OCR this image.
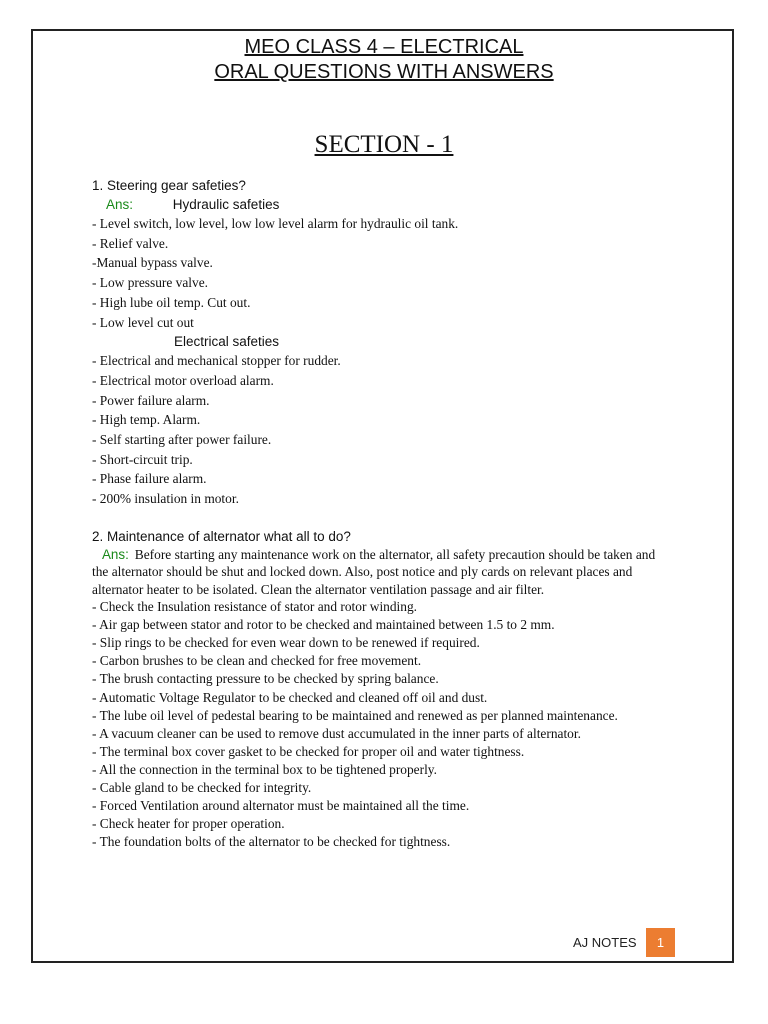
MEO CLASS 4 – ELECTRICAL

ORAL QUESTIONS WITH ANSWERS

SECTION - 1

1. Steering gear safeties?

Ans:	Hydraulic safeties

- Level switch, low level, low low level alarm for hydraulic oil tank.

- Relief valve.

-Manual bypass valve.

- Low pressure valve.

- High lube oil temp. Cut out.

- Low level cut out

Electrical safeties

- Electrical and mechanical stopper for rudder.

- Electrical motor overload alarm.

- Power failure alarm.

- High temp. Alarm.

- Self starting after power failure.

- Short-circuit trip.

- Phase failure alarm.

- 200% insulation in motor.

2. Maintenance of alternator what all to do?

Ans: Before starting any maintenance work on the alternator, all safety precaution should be taken and the alternator should be shut and locked down. Also, post notice and ply cards on relevant places and alternator heater to be isolated. Clean the alternator ventilation passage and air filter.

- Check the Insulation resistance of stator and rotor winding.

- Air gap between stator and rotor to be checked and maintained between 1.5 to 2 mm.

- Slip rings to be checked for even wear down to be renewed if required.

- Carbon brushes to be clean and checked for free movement.

- The brush contacting pressure to be checked by spring balance.

- Automatic Voltage Regulator to be checked and cleaned off oil and dust.

- The lube oil level of pedestal bearing to be maintained and renewed as per planned maintenance.

- A vacuum cleaner can be used to remove dust accumulated in the inner parts of alternator.

- The terminal box cover gasket to be checked for proper oil and water tightness.

- All the connection in the terminal box to be tightened properly.

- Cable gland to be checked for integrity.

- Forced Ventilation around alternator must be maintained all the time.

- Check heater for proper operation.

- The foundation bolts of the alternator to be checked for tightness.

AJ NOTES	1
